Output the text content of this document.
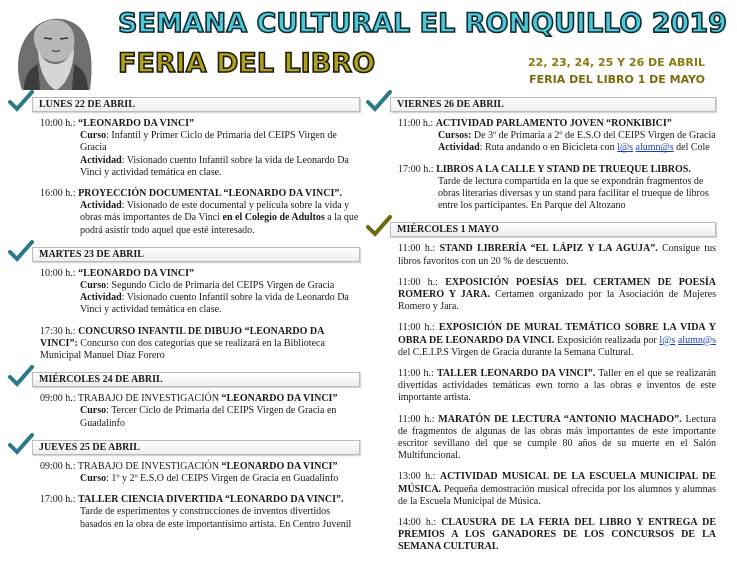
SEMANA CULTURAL EL RONQUILLO 2019
FERIA DEL LIBRO	22, 23, 24, 25 Y 26 DE ABRIL
FERIA DEL LIBRO 1 DE MAYO
LUNES 22 DE ABRIL
10:00 h.: “LEONARDO DA VINCI”
Curso: Infantil y Primer Ciclo de Primaria del CEIPS Virgen de Gracia
Actividad: Visionado cuento Infantil sobre la vida de Leonardo Da Vinci y actividad temática en clase.
16:00 h.: PROYECCIÓN DOCUMENTAL “LEONARDO DA VINCI”.
Actividad: Visionado de este documental y película sobre la vida y obras más importantes de Da Vinci en el Colegio de Adultos a la que podrá asistir todo aquel que esté interesado.
MARTES 23 DE ABRIL
10:00 h.: “LEONARDO DA VINCI”
Curso: Segundo Ciclo de Primaria del CEIPS Virgen de Gracia
Actividad: Visionado cuento Infantil sobre la vida de Leonardo Da Vinci y actividad temática en clase.
17:30 h.: CONCURSO INFANTIL DE DIBUJO “LEONARDO DA VINCI”: Concurso con dos categorías que se realizará en la Biblioteca Municipal Manuel Díaz Forero
MIÉRCOLES 24 DE ABRIL
09:00 h.: TRABAJO DE INVESTIGACIÓN “LEONARDO DA VINCI”
Curso: Tercer Ciclo de Primaria del CEIPS Virgen de Gracia en Guadalinfo
JUEVES 25 DE ABRIL
09:00 h.: TRABAJO DE INVESTIGACIÓN “LEONARDO DA VINCI”
Curso: 1º y 2º E.S.O del CEIPS Virgen de Gracia en Guadalinfo
17:00 h.: TALLER CIENCIA DIVERTIDA “LEONARDO DA VINCI”.
Tarde de esperimentos y construcciones de inventos divertidos basados en la obra de este importantísimo artista. En Centro Juvenil
VIERNES 26 DE ABRIL
11:00 h.: ACTIVIDAD PARLAMENTO JOVEN “RONKIBICI”
Cursos: De 3º de Primaria a 2º de E.S.O del CEIPS Virgen de Gracia
Actividad: Ruta andando o en Bicicleta con l@s alumn@s del Cole
17:00 h.: LIBROS A LA CALLE Y STAND DE TRUEQUE LIBROS.
Tarde de lectura compartida en la que se expondrán fragmentos de obras literarias diversas y un stand para facilitar el trueque de libros entre los participantes. En Parque del Altozano
MIÉRCOLES 1 MAYO
11:00 h.: STAND LIBRERÍA “EL LÁPIZ Y LA AGUJA”. Consigue tus libros favoritos con un 20 % de descuento.
11:00 h.: EXPOSICIÓN POESÍAS DEL CERTAMEN DE POESÍA ROMERO Y JARA. Certamen organizado por la Asociación de Mujeres Romero y Jara.
11:00 h.: EXPOSICIÓN DE MURAL TEMÁTICO SOBRE LA VIDA Y OBRA DE LEONARDO DA VINCI. Exposición realizada por l@s alumn@s del C.E.I.P.S Virgen de Gracia durante la Semana Cultural.
11:00 h.: TALLER LEONARDO DA VINCI”. Taller en el que se realizarán divertidas actividades temáticas ewn torno a las obras e inventos de este importante artista.
11:00 h.: MARATÓN DE LECTURA “ANTONIO MACHADO”. Lectura de fragmentos de algunas de las obras más importantes de este importante escritor sevillano del que se cumple 80 años de su muerte en el Salón Multifuncional.
13:00 h.: ACTIVIDAD MUSICAL DE LA ESCUELA MUNICIPAL DE MÚSICA. Pequeña demostración musical ofrecida por los alumnos y alumnas de la Escuela Municipal de Música.
14:00 h.: CLAUSURA DE LA FERIA DEL LIBRO Y ENTREGA DE PREMIOS A LOS GANADORES DE LOS CONCURSOS DE LA SEMANA CULTURAL
